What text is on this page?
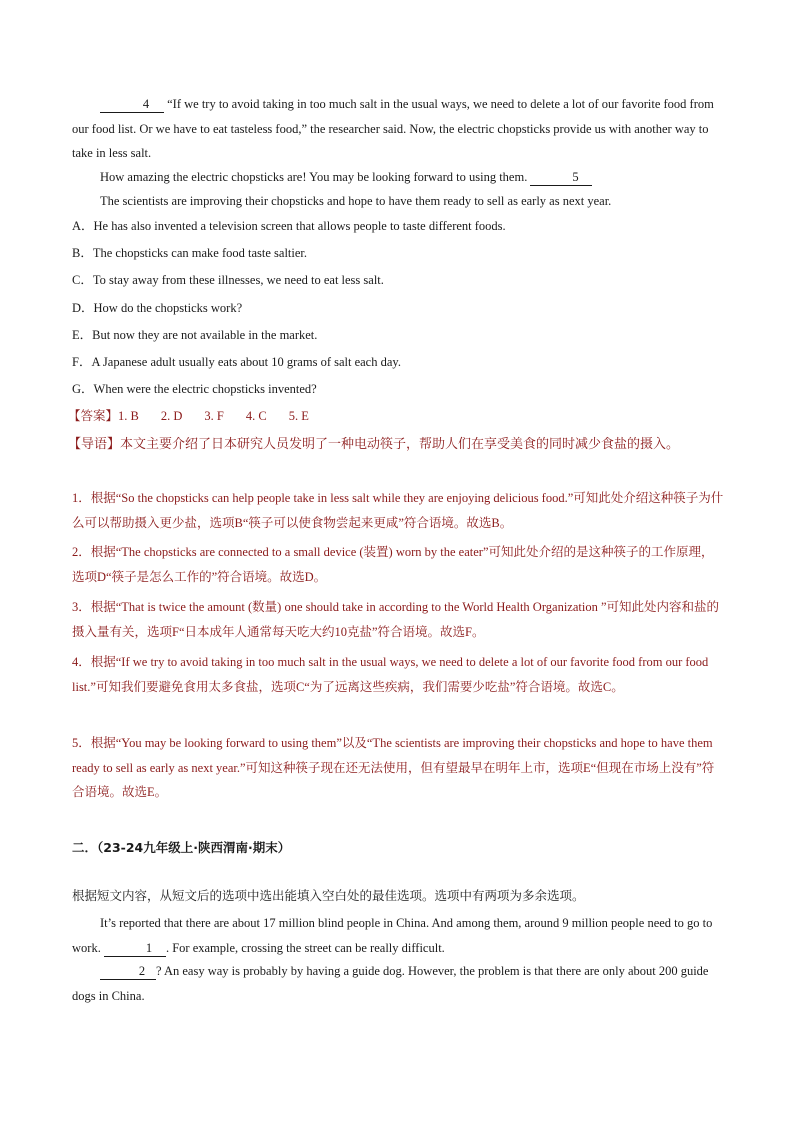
4 “If we try to avoid taking in too much salt in the usual ways, we need to delete a lot of our favorite food from our food list. Or we have to eat tasteless food,” the researcher said. Now, the electric chopsticks provide us with another way to take in less salt.

How amazing the electric chopsticks are! You may be looking forward to using them.	5

The scientists are improving their chopsticks and hope to have them ready to sell as early as next year.

A．He has also invented a television screen that allows people to taste different foods.

B．The chopsticks can make food taste saltier.

C．To stay away from these illnesses, we need to eat less salt.

D．How do the chopsticks work?

E．But now they are not available in the market.

F．A Japanese adult usually eats about 10 grams of salt each day.

G．When were the electric chopsticks invented?

【答案】1. B 2. D 3. F 4. C 5. E

【导语】本文主要介绍了日本研究人员发明了一种电动筷子，帮助人们在享受美食的同时减少食盐的摄入。

1．根据“So the chopsticks can help people take in less salt while they are enjoying delicious food.”可知此处介绍这种筷子为什么可以帮助摄入更少盐，选项B“筷子可以使食物尝起来更咸”符合语境。故选B。

2．根据“The chopsticks are connected to a small device (装置) worn by the eater”可知此处介绍的是这种筷子的工作原理，选项D“筷子是怎么工作的”符合语境。故选D。

3．根据“That is twice the amount (数量) one should take in according to the World Health Organization ”可知此处内容和盐的摄入量有关，选项F“日本成年人通常每天吃大约10克盐”符合语境。故选F。

4．根据“If we try to avoid taking in too much salt in the usual ways, we need to delete a lot of our favorite food from our food list.”可知我们要避免食用太多食盐，选项C“为了远离这些疾病，我们需要少吃盐”符合语境。故选C。

5．根据“You may be looking forward to using them”以及“The scientists are improving their chopsticks and hope to have them ready to sell as early as next year.”可知这种筷子现在还无法使用，但有望最早在明年上市，选项E“但现在市场上没有”符合语境。故选E。

二．（23-24九年级上·陕西渭南·期末）

根据短文内容，从短文后的选项中选出能填入空白处的最佳选项。选项中有两项为多余选项。

It’s reported that there are about 17 million blind people in China. And among them, around 9 million people need to go to work.	1 . For example, crossing the street can be really difficult.

2 ? An easy way is probably by having a guide dog. However, the problem is that there are only about 200 guide dogs in China.
